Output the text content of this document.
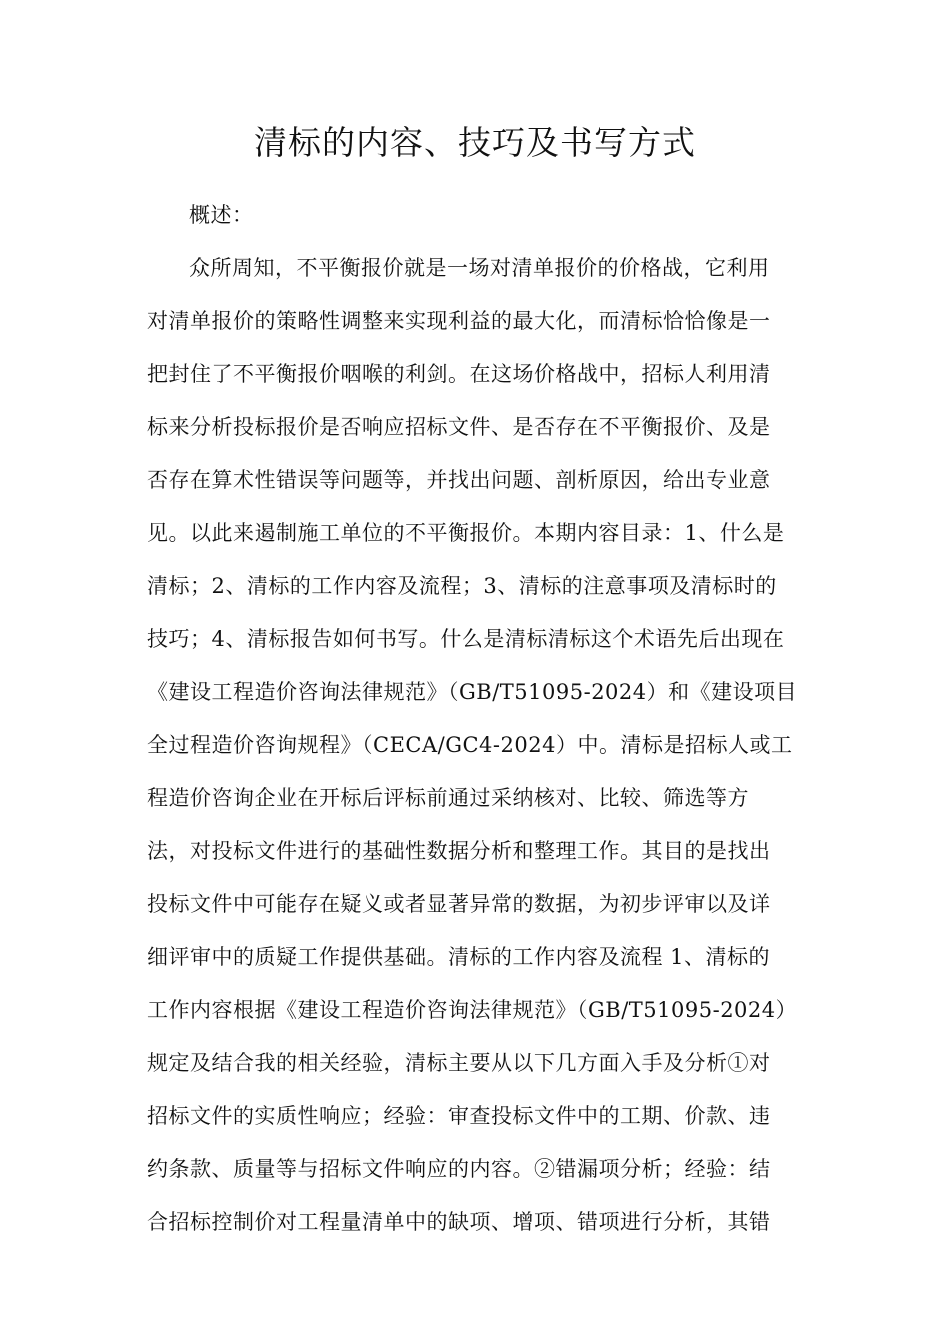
清标的内容、技巧及书写方式
概述：
众所周知，不平衡报价就是一场对清单报价的价格战，它利用
对清单报价的策略性调整来实现利益的最大化，而清标恰恰像是一
把封住了不平衡报价咽喉的利剑。在这场价格战中，招标人利用清
标来分析投标报价是否响应招标文件、是否存在不平衡报价、及是
否存在算术性错误等问题等，并找出问题、剖析原因，给出专业意
见。以此来遏制施工单位的不平衡报价。本期内容目录：1、什么是
清标；2、清标的工作内容及流程；3、清标的注意事项及清标时的
技巧；4、清标报告如何书写。什么是清标清标这个术语先后出现在
《建设工程造价咨询法律规范》（GB/T51095-2024）和《建设项目
全过程造价咨询规程》（CECA/GC4-2024）中。清标是招标人或工
程造价咨询企业在开标后评标前通过采纳核对、比较、筛选等方
法，对投标文件进行的基础性数据分析和整理工作。其目的是找出
投标文件中可能存在疑义或者显著异常的数据，为初步评审以及详
细评审中的质疑工作提供基础。清标的工作内容及流程 1、清标的
工作内容根据《建设工程造价咨询法律规范》（GB/T51095-2024）
规定及结合我的相关经验，清标主要从以下几方面入手及分析①对
招标文件的实质性响应；经验：审查投标文件中的工期、价款、违
约条款、质量等与招标文件响应的内容。②错漏项分析；经验：结
合招标控制价对工程量清单中的缺项、增项、错项进行分析，其错
